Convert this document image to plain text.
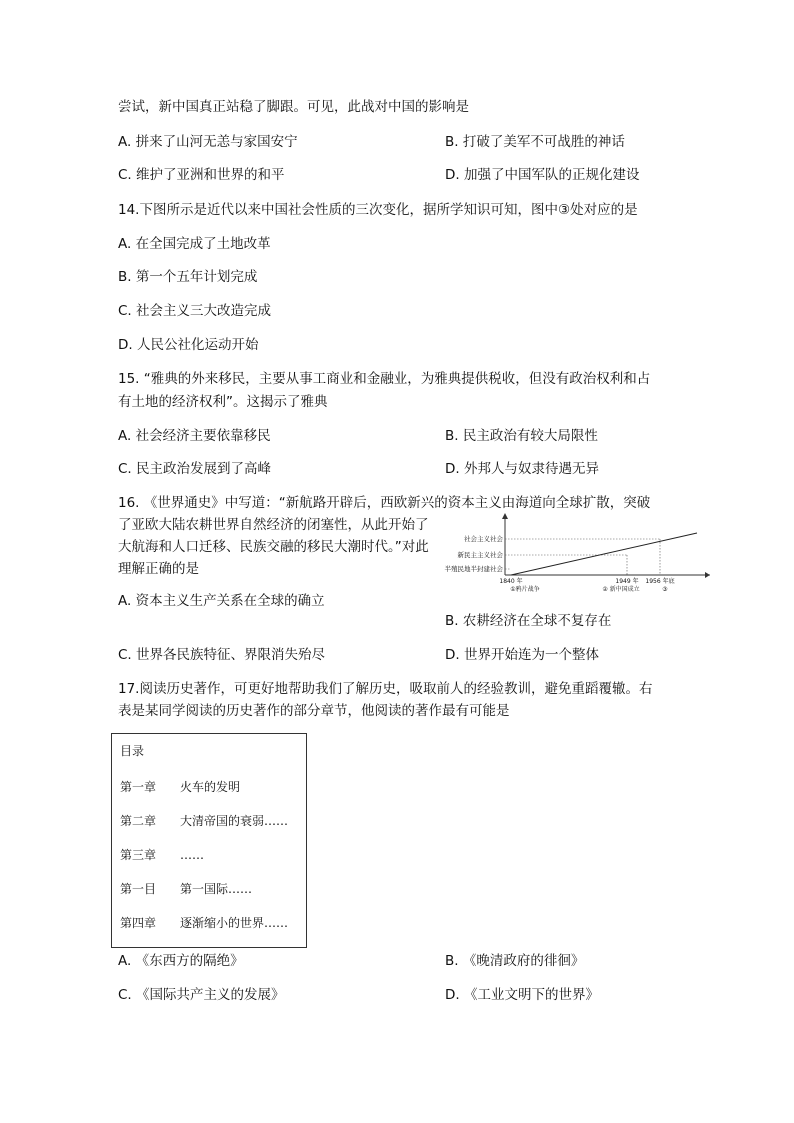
尝试，新中国真正站稳了脚跟。可见，此战对中国的影响是
A. 拼来了山河无恙与家国安宁	B. 打破了美军不可战胜的神话
C. 维护了亚洲和世界的和平	D. 加强了中国军队的正规化建设
14.下图所示是近代以来中国社会性质的三次变化，据所学知识可知，图中③处对应的是
A. 在全国完成了土地改革
B. 第一个五年计划完成
C. 社会主义三大改造完成
D. 人民公社化运动开始
15. “雅典的外来移民，主要从事工商业和金融业，为雅典提供税收，但没有政治权利和占
有土地的经济权利”。这揭示了雅典
A. 社会经济主要依靠移民	B. 民主政治有较大局限性
C. 民主政治发展到了高峰	D. 外邦人与奴隶待遇无异
16. 《世界通史》中写道：“新航路开辟后，西欧新兴的资本主义由海道向全球扩散，突破
了亚欧大陆农耕世界自然经济的闭塞性，从此开始了
大航海和人口迁移、民族交融的移民大潮时代。”对此
理解正确的是
社会主义社会
新民主主义社会
半殖民地半封建社会
1840 年	1949 年 1956 年底
①鸦片战争	② 新中国成立	③
A. 资本主义生产关系在全球的确立
B. 农耕经济在全球不复存在
C. 世界各民族特征、界限消失殆尽	D. 世界开始连为一个整体
17.阅读历史著作，可更好地帮助我们了解历史，吸取前人的经验教训，避免重蹈覆辙。右
表是某同学阅读的历史著作的部分章节，他阅读的著作最有可能是
目录
第一章 火车的发明
第二章 大清帝国的衰弱……
第三章 ……
第一目 第一国际……
第四章 逐渐缩小的世界……
A. 《东西方的隔绝》	B. 《晚清政府的徘徊》
C. 《国际共产主义的发展》	D. 《工业文明下的世界》
